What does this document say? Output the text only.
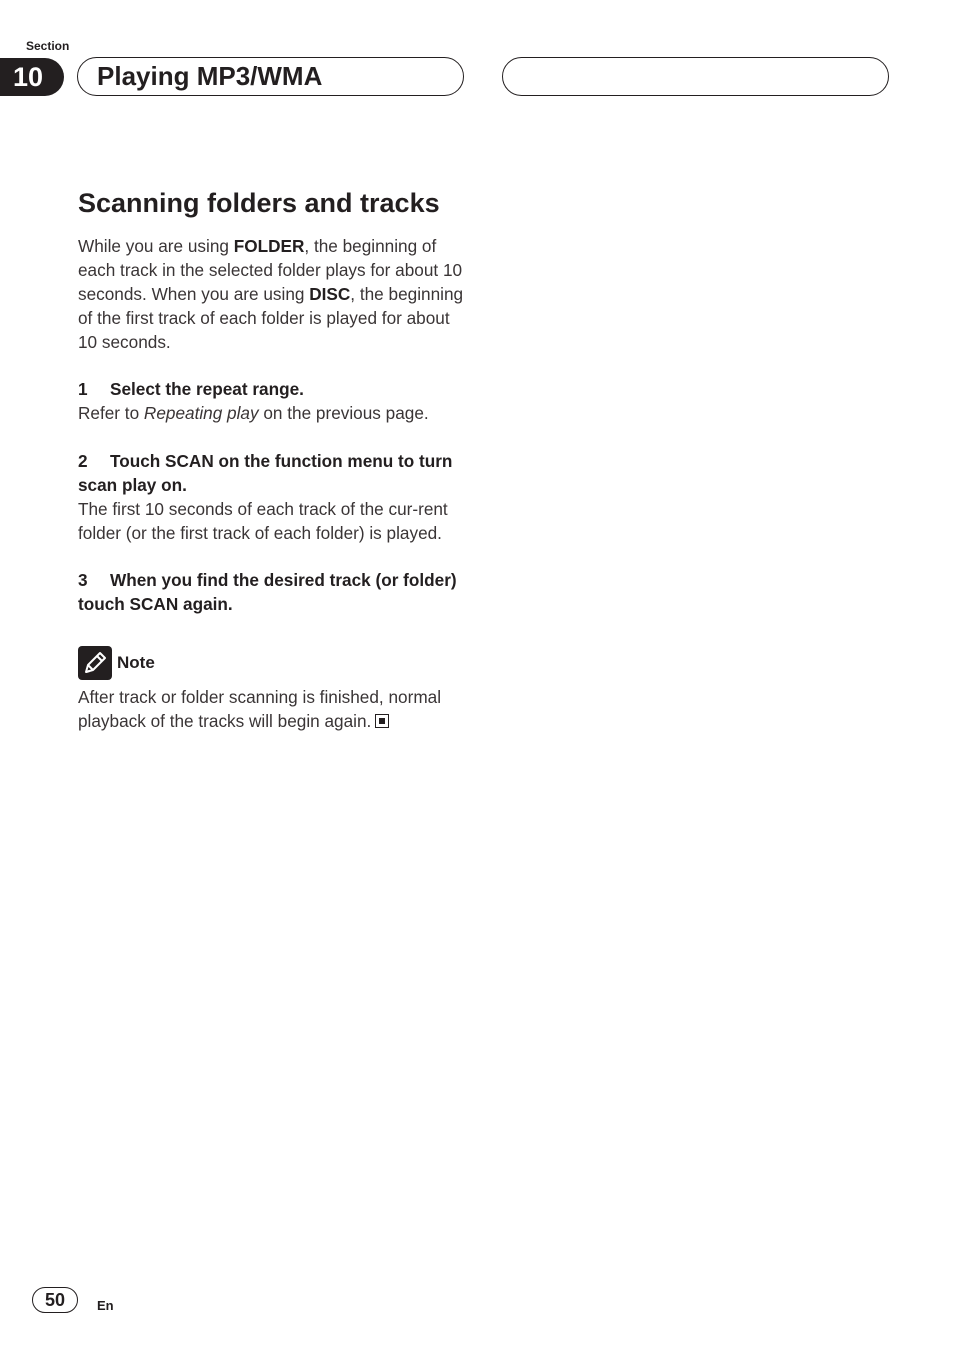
Section
10	Playing MP3/WMA
Scanning folders and tracks

While you are using FOLDER, the beginning of each track in the selected folder plays for about 10 seconds. When you are using DISC, the beginning of the first track of each folder is played for about 10 seconds.

1 Select the repeat range.

Refer to Repeating play on the previous page.

2 Touch SCAN on the function menu to turn scan play on.

The first 10 seconds of each track of the cur-rent folder (or the first track of each folder) is played.

3 When you find the desired track (or folder) touch SCAN again.
Note

After track or folder scanning is finished, normal playback of the tracks will begin again.

50	En
